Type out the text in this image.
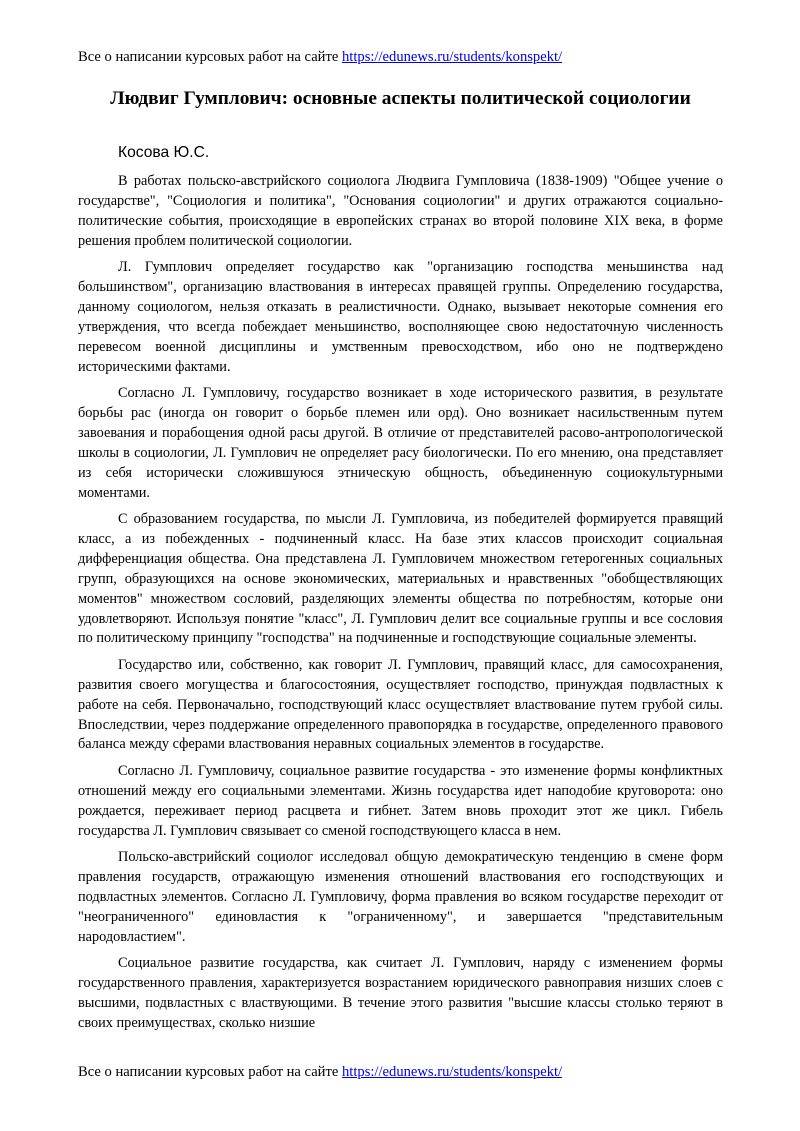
Все о написании курсовых работ на сайте https://edunews.ru/students/konspekt/
Людвиг Гумплович: основные аспекты политической социологии
Косова Ю.С.

В работах польско-австрийского социолога Людвига Гумпловича (1838-1909) "Общее учение о государстве", "Социология и политика", "Основания социологии" и других отражаются социально-политические события, происходящие в европейских странах во второй половине XIX века, в форме решения проблем политической социологии.

Л. Гумплович определяет государство как "организацию господства меньшинства над большинством", организацию властвования в интересах правящей группы. Определению государства, данному социологом, нельзя отказать в реалистичности. Однако, вызывает некоторые сомнения его утверждения, что всегда побеждает меньшинство, восполняющее свою недостаточную численность перевесом военной дисциплины и умственным превосходством, ибо оно не подтверждено историческими фактами.

Согласно Л. Гумпловичу, государство возникает в ходе исторического развития, в результате борьбы рас (иногда он говорит о борьбе племен или орд). Оно возникает насильственным путем завоевания и порабощения одной расы другой. В отличие от представителей расово-антропологической школы в социологии, Л. Гумплович не определяет расу биологически. По его мнению, она представляет из себя исторически сложившуюся этническую общность, объединенную социокультурными моментами.

С образованием государства, по мысли Л. Гумпловича, из победителей формируется правящий класс, а из побежденных - подчиненный класс. На базе этих классов происходит социальная дифференциация общества. Она представлена Л. Гумпловичем множеством гетерогенных социальных групп, образующихся на основе экономических, материальных и нравственных "обобществляющих моментов" множеством сословий, разделяющих элементы общества по потребностям, которые они удовлетворяют. Используя понятие "класс", Л. Гумплович делит все социальные группы и все сословия по политическому принципу "господства" на подчиненные и господствующие социальные элементы.

Государство или, собственно, как говорит Л. Гумплович, правящий класс, для самосохранения, развития своего могущества и благосостояния, осуществляет господство, принуждая подвластных к работе на себя. Первоначально, господствующий класс осуществляет властвование путем грубой силы. Впоследствии, через поддержание определенного правопорядка в государстве, определенного правового баланса между сферами властвования неравных социальных элементов в государстве.

Согласно Л. Гумпловичу, социальное развитие государства - это изменение формы конфликтных отношений между его социальными элементами. Жизнь государства идет наподобие круговорота: оно рождается, переживает период расцвета и гибнет. Затем вновь проходит этот же цикл. Гибель государства Л. Гумплович связывает со сменой господствующего класса в нем.

Польско-австрийский социолог исследовал общую демократическую тенденцию в смене форм правления государств, отражающую изменения отношений властвования его господствующих и подвластных элементов. Согласно Л. Гумпловичу, форма правления во всяком государстве переходит от "неограниченного" единовластия к "ограниченному", и завершается "представительным народовластием".

Социальное развитие государства, как считает Л. Гумплович, наряду с изменением формы государственного правления, характеризуется возрастанием юридического равноправия низших слоев с высшими, подвластных с властвующими. В течение этого развития "высшие классы столько теряют в своих преимуществах, сколько низшие

Все о написании курсовых работ на сайте https://edunews.ru/students/konspekt/
